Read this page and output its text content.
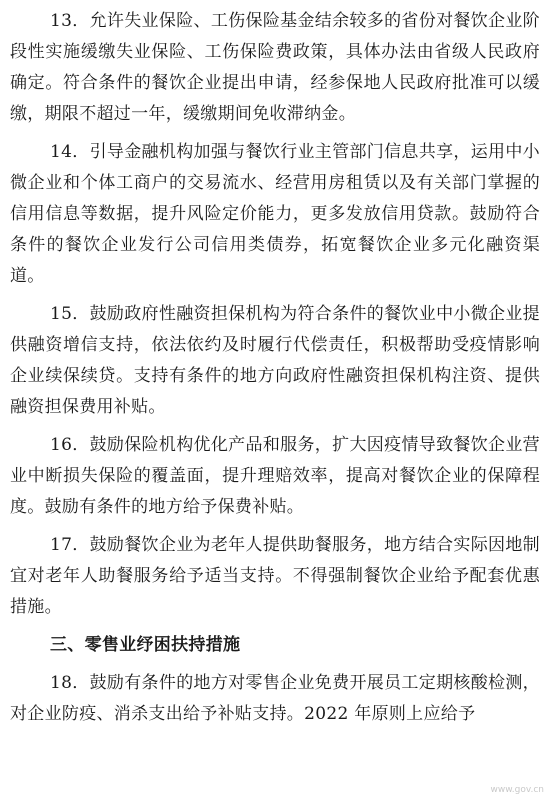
13．允许失业保险、工伤保险基金结余较多的省份对餐饮企业阶段性实施缓缴失业保险、工伤保险费政策，具体办法由省级人民政府确定。符合条件的餐饮企业提出申请，经参保地人民政府批准可以缓缴，期限不超过一年，缓缴期间免收滞纳金。

14．引导金融机构加强与餐饮行业主管部门信息共享，运用中小微企业和个体工商户的交易流水、经营用房租赁以及有关部门掌握的信用信息等数据，提升风险定价能力，更多发放信用贷款。鼓励符合条件的餐饮企业发行公司信用类债券，拓宽餐饮企业多元化融资渠道。

15．鼓励政府性融资担保机构为符合条件的餐饮业中小微企业提供融资增信支持，依法依约及时履行代偿责任，积极帮助受疫情影响企业续保续贷。支持有条件的地方向政府性融资担保机构注资、提供融资担保费用补贴。

16．鼓励保险机构优化产品和服务，扩大因疫情导致餐饮企业营业中断损失保险的覆盖面，提升理赔效率，提高对餐饮企业的保障程度。鼓励有条件的地方给予保费补贴。

17．鼓励餐饮企业为老年人提供助餐服务，地方结合实际因地制宜对老年人助餐服务给予适当支持。不得强制餐饮企业给予配套优惠措施。

三、零售业纾困扶持措施

18．鼓励有条件的地方对零售企业免费开展员工定期核酸检测，对企业防疫、消杀支出给予补贴支持。2022 年原则上应给予

www.gov.cn
